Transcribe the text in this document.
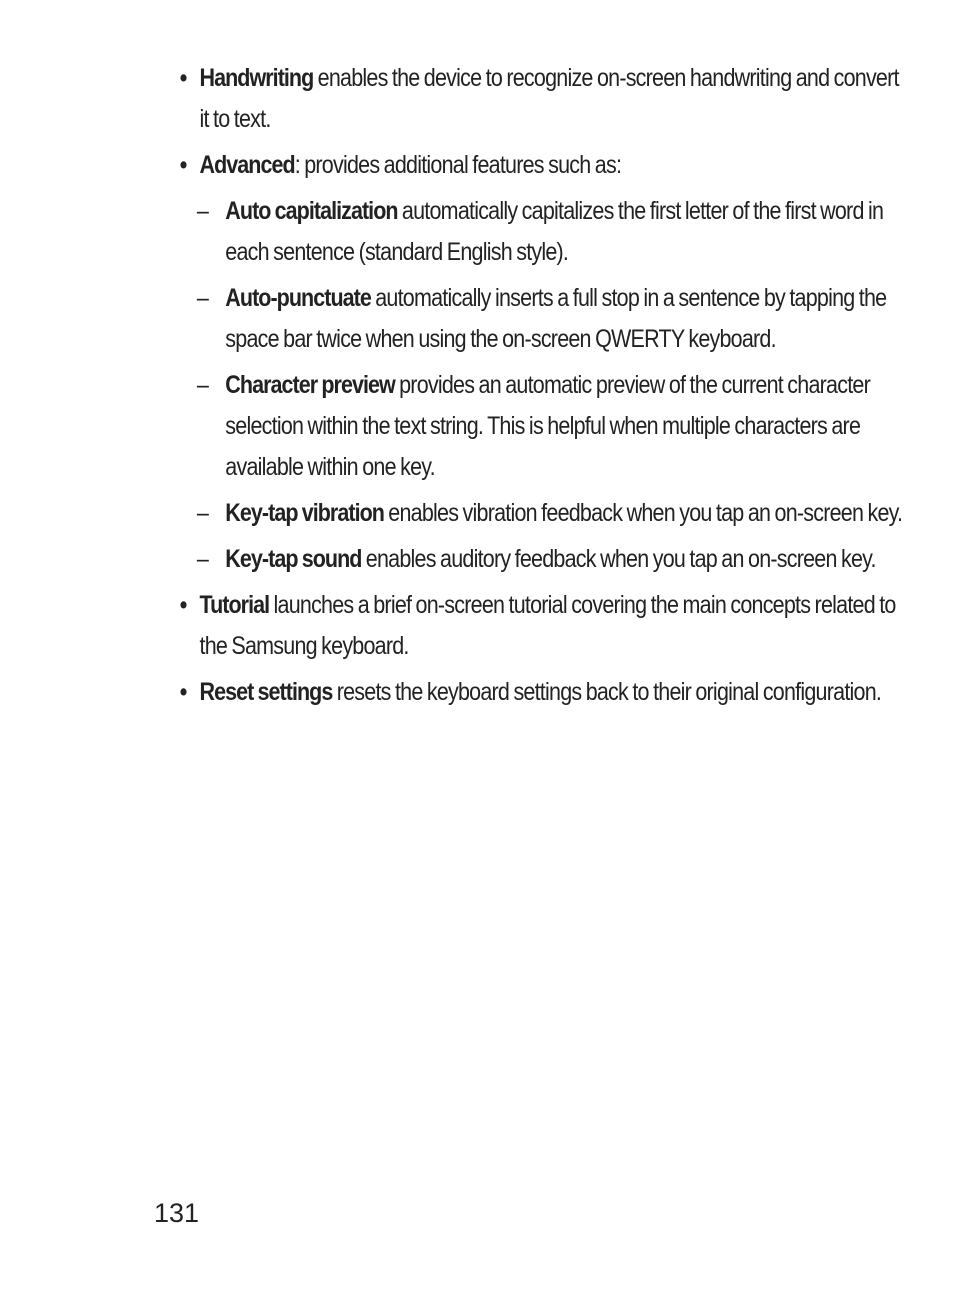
• Handwriting enables the device to recognize on-screen handwriting and convert it to text.
• Advanced: provides additional features such as:
– Auto capitalization automatically capitalizes the first letter of the first word in each sentence (standard English style).
– Auto-punctuate automatically inserts a full stop in a sentence by tapping the space bar twice when using the on-screen QWERTY keyboard.
– Character preview provides an automatic preview of the current character selection within the text string. This is helpful when multiple characters are available within one key.
– Key-tap vibration enables vibration feedback when you tap an on-screen key.
– Key-tap sound enables auditory feedback when you tap an on-screen key.
• Tutorial launches a brief on-screen tutorial covering the main concepts related to the Samsung keyboard.
• Reset settings resets the keyboard settings back to their original configuration.
131
